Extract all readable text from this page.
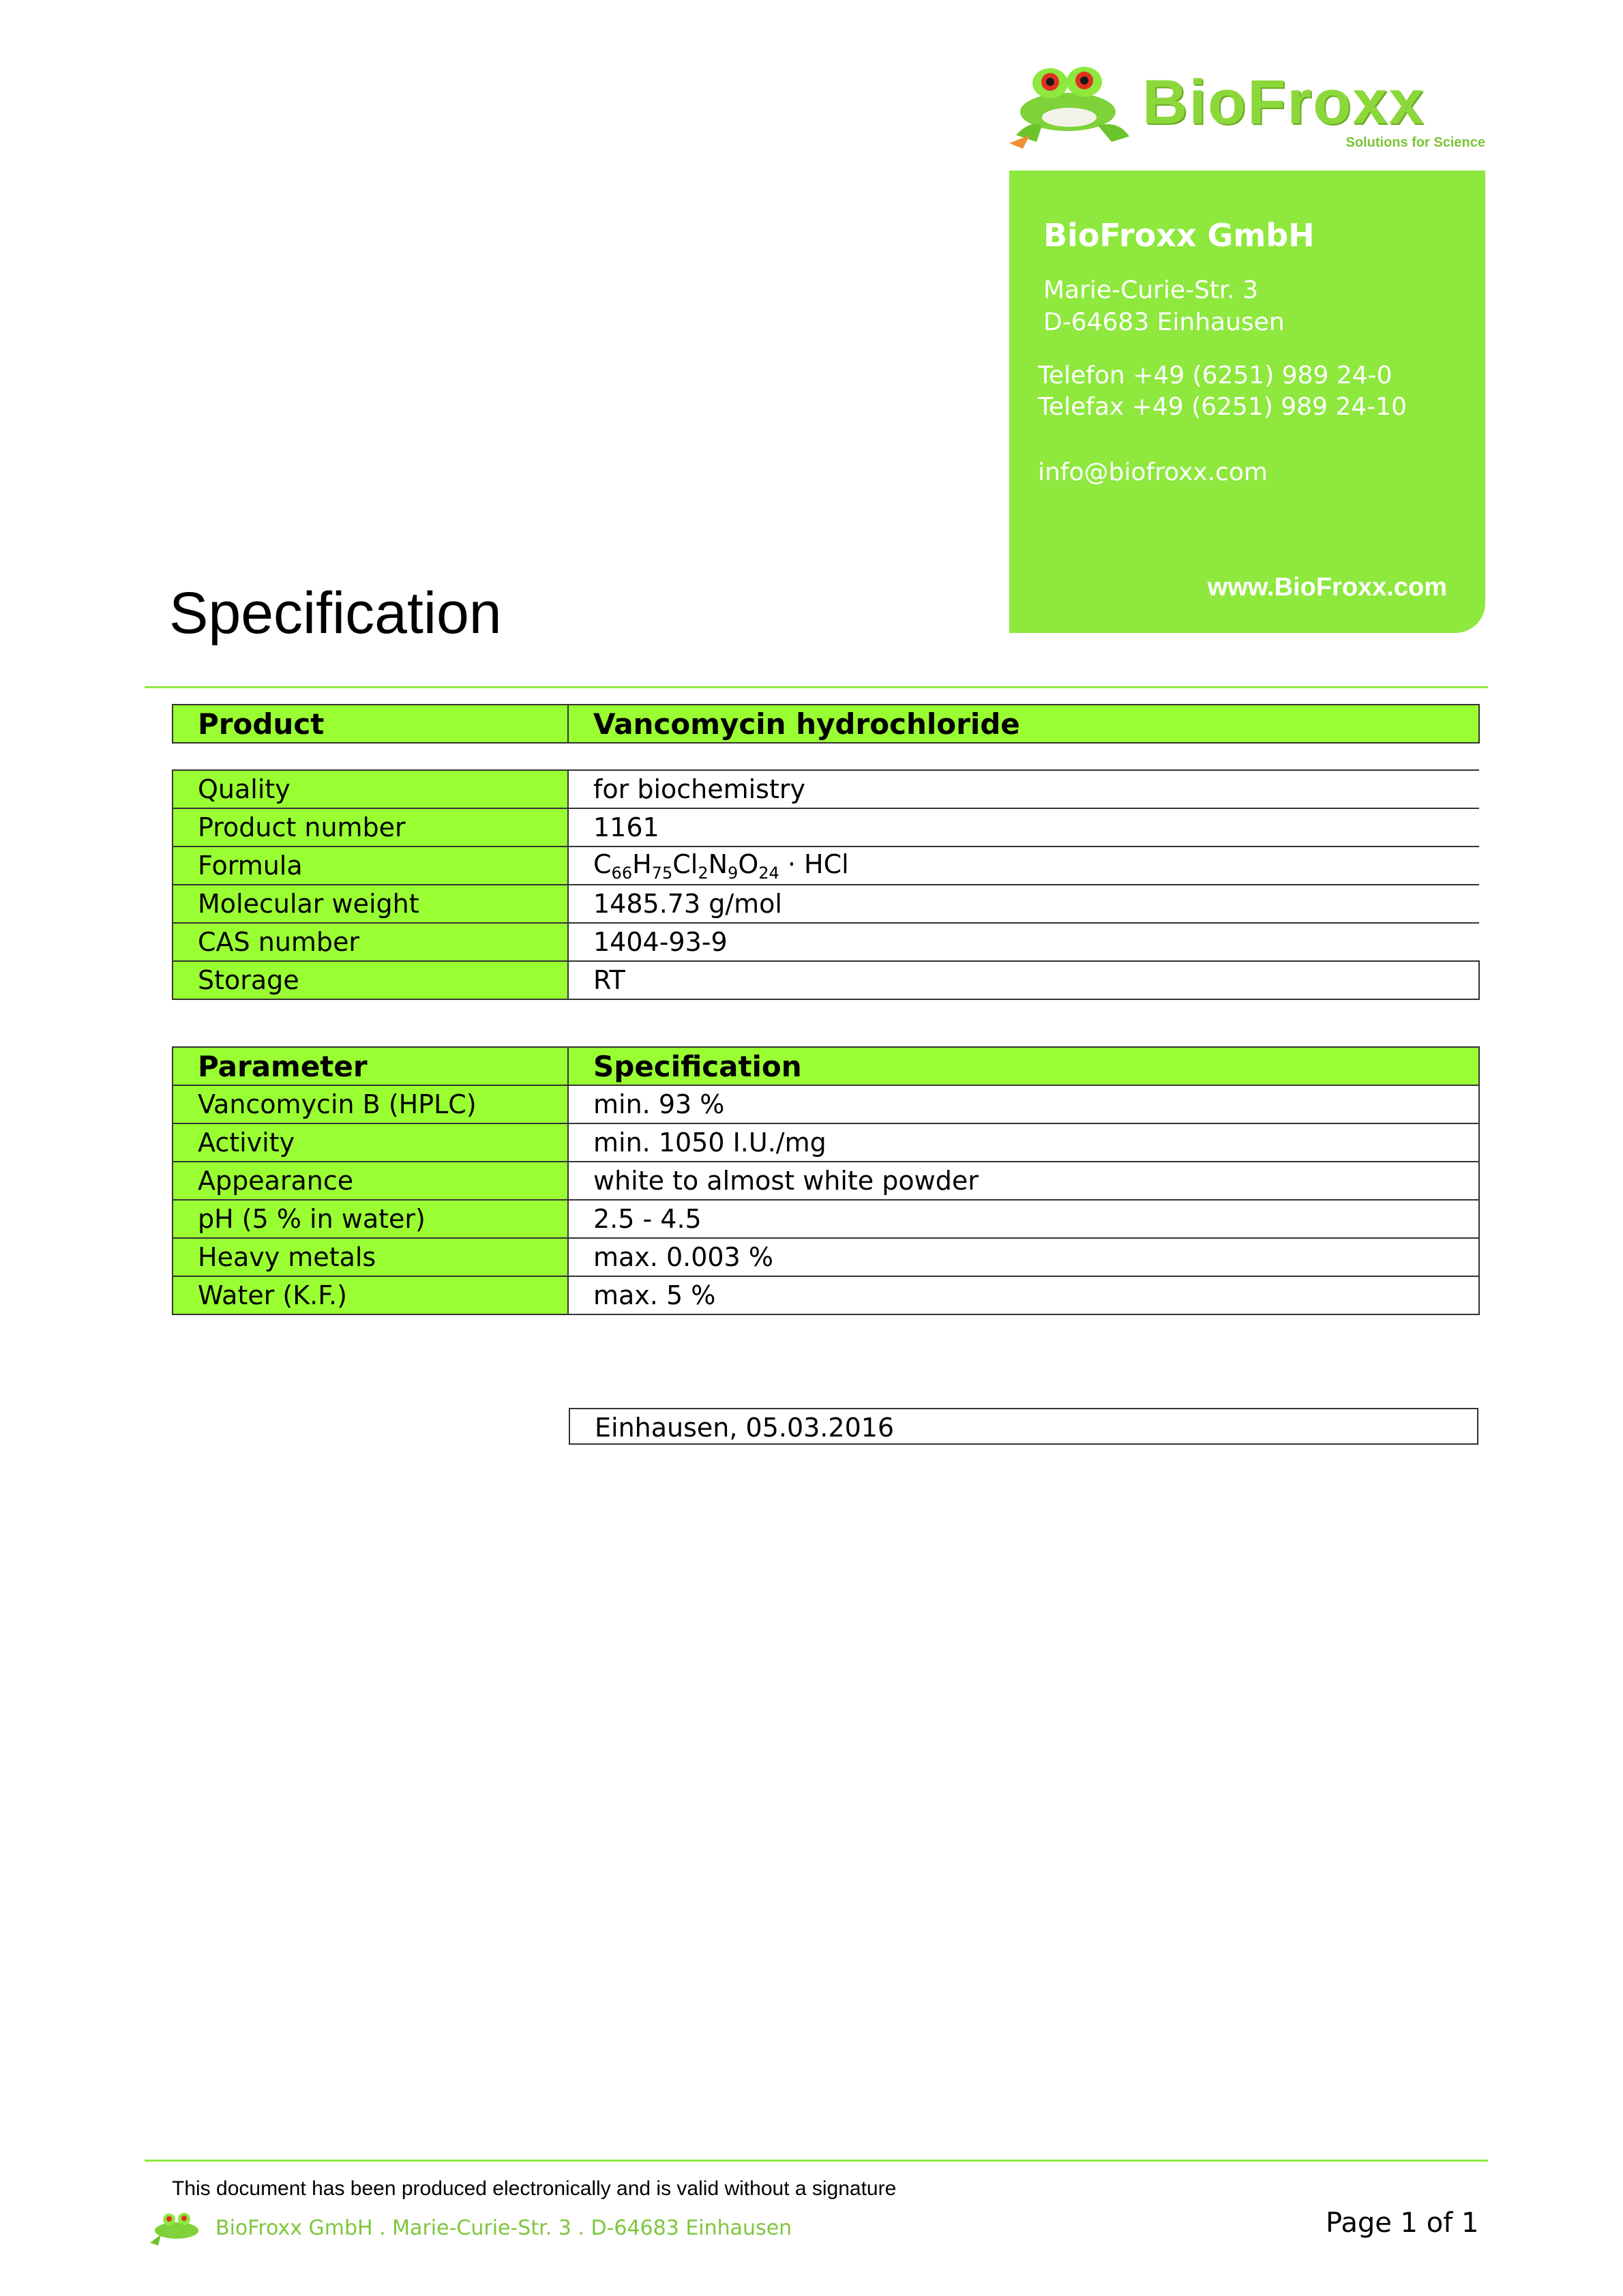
BioFroxx
Solutions for Science
BioFroxx GmbH
Marie-Curie-Str. 3
D-64683 Einhausen
Telefon +49 (6251) 989 24-0
Telefax +49 (6251) 989 24-10
info@biofroxx.com
www.BioFroxx.com
Specification
Product	Vancomycin hydrochloride
Quality	for biochemistry
Product number	1161
Formula	$C_{66}H_{75}Cl_2N_9O_{24}$ · HCl
Molecular weight	1485.73 g/mol
CAS number	1404-93-9
Storage	RT
Parameter	Specification
Vancomycin B (HPLC)	min. 93 %
Activity	min. 1050 I.U./mg
Appearance	white to almost white powder
pH (5 % in water)	2.5 - 4.5
Heavy metals	max. 0.003 %
Water (K.F.)	max. 5 %
Einhausen, 05.03.2016
This document has been produced electronically and is valid without a signature
BioFroxx GmbH . Marie-Curie-Str. 3 . D-64683 Einhausen	Page 1 of 1
